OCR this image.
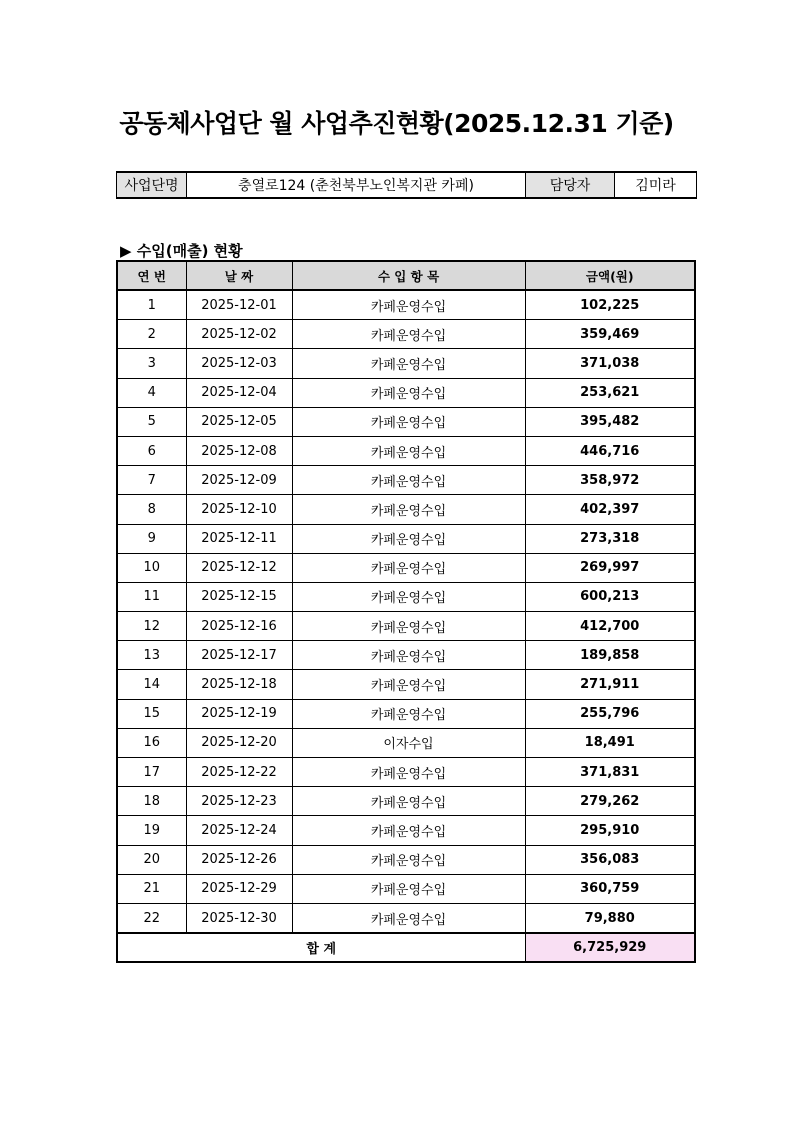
공동체사업단 월 사업추진현황(2025.12.31 기준)
사업단명	충열로124 (춘천북부노인복지관 카페)	담당자	김미라
▶ 수입(매출) 현황
연 번	날 짜	수 입 항 목	금액(원)
1	2025-12-01	카페운영수입	102,225
2	2025-12-02	카페운영수입	359,469
3	2025-12-03	카페운영수입	371,038
4	2025-12-04	카페운영수입	253,621
5	2025-12-05	카페운영수입	395,482
6	2025-12-08	카페운영수입	446,716
7	2025-12-09	카페운영수입	358,972
8	2025-12-10	카페운영수입	402,397
9	2025-12-11	카페운영수입	273,318
10	2025-12-12	카페운영수입	269,997
11	2025-12-15	카페운영수입	600,213
12	2025-12-16	카페운영수입	412,700
13	2025-12-17	카페운영수입	189,858
14	2025-12-18	카페운영수입	271,911
15	2025-12-19	카페운영수입	255,796
16	2025-12-20	이자수입	18,491
17	2025-12-22	카페운영수입	371,831
18	2025-12-23	카페운영수입	279,262
19	2025-12-24	카페운영수입	295,910
20	2025-12-26	카페운영수입	356,083
21	2025-12-29	카페운영수입	360,759
22	2025-12-30	카페운영수입	79,880
합 계			6,725,929
